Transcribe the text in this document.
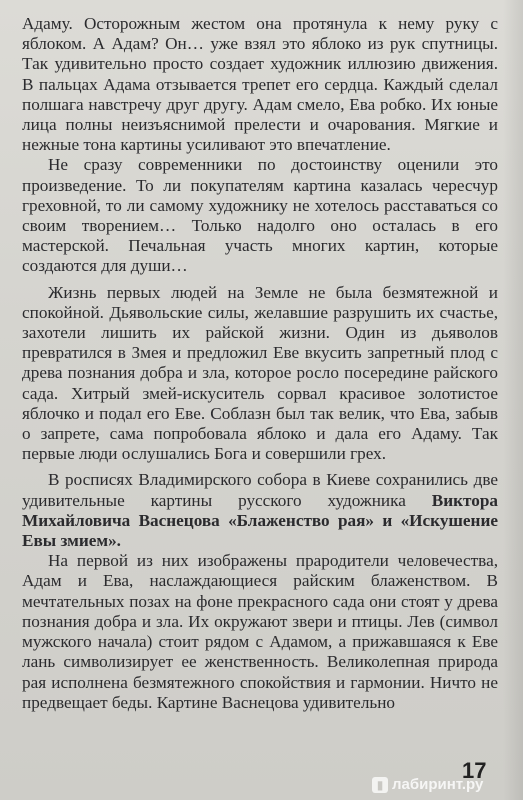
Адаму. Осторожным жестом она протянула к нему руку с яблоком. А Адам? Он… уже взял это яблоко из рук спутницы. Так удивительно просто создает художник иллюзию движения. В пальцах Адама отзывается трепет его сердца. Каждый сделал полшага навстречу друг другу. Адам смело, Ева робко. Их юные лица полны неизъяснимой прелести и очарования. Мягкие и нежные тона картины усиливают это впечатление.

Не сразу современники по достоинству оценили это произведение. То ли покупателям картина казалась чересчур греховной, то ли самому художнику не хотелось расставаться со своим творением… Только надолго оно осталась в его мастерской. Печальная участь многих картин, которые создаются для души…

Жизнь первых людей на Земле не была безмятежной и спокойной. Дьявольские силы, желавшие разрушить их счастье, захотели лишить их райской жизни. Один из дьяволов превратился в Змея и предложил Еве вкусить запретный плод с древа познания добра и зла, которое росло посередине райского сада. Хитрый змей-искуситель сорвал красивое золотистое яблочко и подал его Еве. Соблазн был так велик, что Ева, забыв о запрете, сама попробовала яблоко и дала его Адаму. Так первые люди ослушались Бога и совершили грех.

В росписях Владимирского собора в Киеве сохранились две удивительные картины русского художника Виктора Михайловича Васнецова «Блаженство рая» и «Искушение Евы змием».

На первой из них изображены прародители человечества, Адам и Ева, наслаждающиеся райским блаженством. В мечтательных позах на фоне прекрасного сада они стоят у древа познания добра и зла. Их окружают звери и птицы. Лев (символ мужского начала) стоит рядом с Адамом, а прижавшаяся к Еве лань символизирует ее женственность. Великолепная природа рая исполнена безмятежного спокойствия и гармонии. Ничто не предвещает беды. Картине Васнецова удивительно

17
▮ лабиринт.ру
